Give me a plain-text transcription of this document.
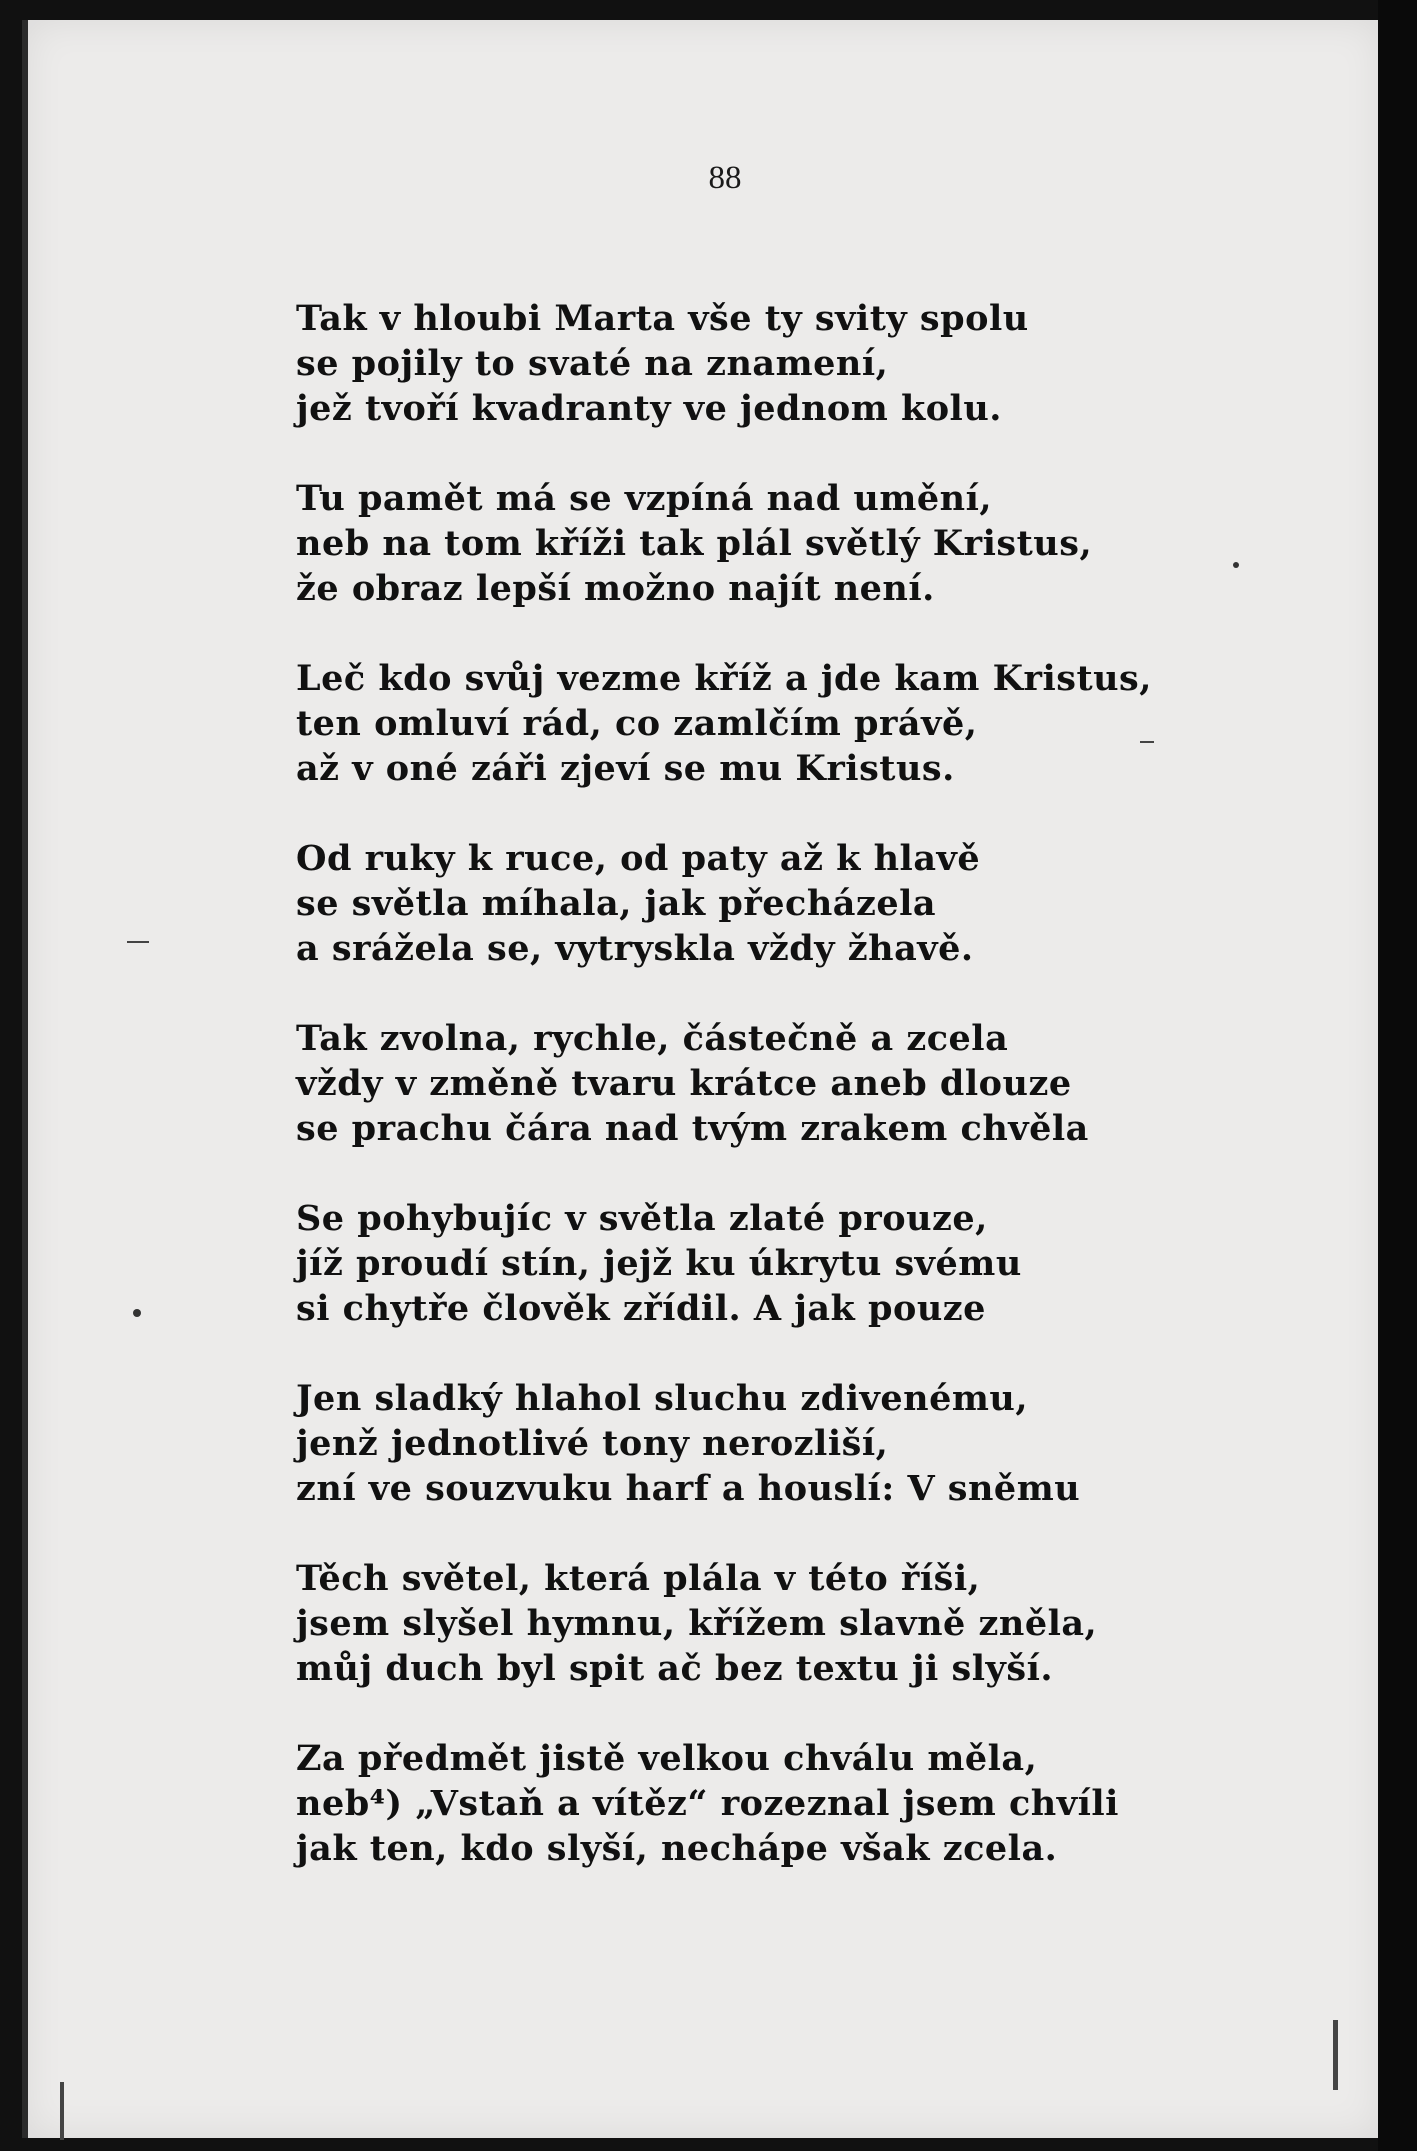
88
Tak v hloubi Marta vše ty svity spolu
se pojily to svaté na znamení,
jež tvoří kvadranty ve jednom kolu.
Tu pamět má se vzpíná nad umění,
neb na tom kříži tak plál světlý Kristus,
že obraz lepší možno najít není.
Leč kdo svůj vezme kříž a jde kam Kristus,
ten omluví rád, co zamlčím právě,
až v oné záři zjeví se mu Kristus.
Od ruky k ruce, od paty až k hlavě
se světla míhala, jak přecházela
a srážela se, vytryskla vždy žhavě.
Tak zvolna, rychle, částečně a zcela
vždy v změně tvaru krátce aneb dlouze
se prachu čára nad tvým zrakem chvěla
Se pohybujíc v světla zlaté prouze,
jíž proudí stín, jejž ku úkrytu svému
si chytře člověk zřídil. A jak pouze
Jen sladký hlahol sluchu zdivenému,
jenž jednotlivé tony nerozliší,
zní ve souzvuku harf a houslí: V sněmu
Těch světel, která plála v této říši,
jsem slyšel hymnu, křížem slavně zněla,
můj duch byl spit ač bez textu ji slyší.
Za předmět jistě velkou chválu měla,
neb⁴) „Vstaň a vítěz“ rozeznal jsem chvíli
jak ten, kdo slyší, nechápe však zcela.
